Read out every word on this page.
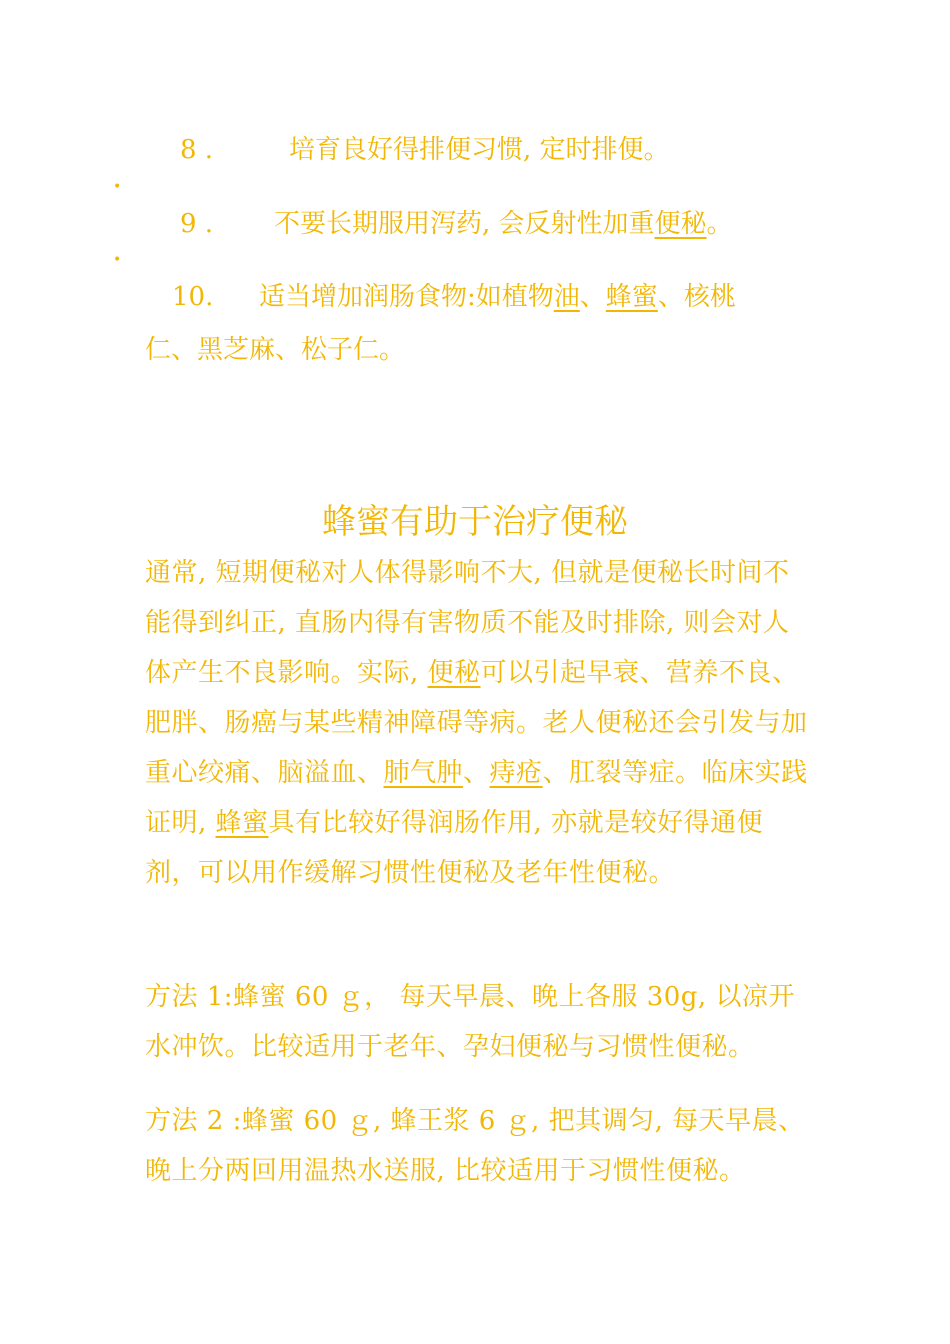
•
•
8 .	培育良好得排便习惯, 定时排便。
9 . 不要长期服用泻药, 会反射性加重便秘。
10. 适当增加润肠食物:如植物油、蜂蜜、核桃
仁、黑芝麻、松子仁。
蜂蜜有助于治疗便秘
通常, 短期便秘对人体得影响不大, 但就是便秘长时间不能得到纠正, 直肠内得有害物质不能及时排除, 则会对人体产生不良影响。实际, 便秘可以引起早衰、营养不良、肥胖、肠癌与某些精神障碍等病。老人便秘还会引发与加重心绞痛、脑溢血、肺气肿、痔疮、肛裂等症。临床实践证明, 蜂蜜具有比较好得润肠作用, 亦就是较好得通便剂，可以用作缓解习惯性便秘及老年性便秘。
方法 1:蜂蜜 60 ｇ， 每天早晨、晚上各服 30g, 以凉开水冲饮。比较适用于老年、孕妇便秘与习惯性便秘。
方法 2 :蜂蜜 60 ｇ, 蜂王浆 6 ｇ, 把其调匀, 每天早晨、晚上分两回用温热水送服, 比较适用于习惯性便秘。
